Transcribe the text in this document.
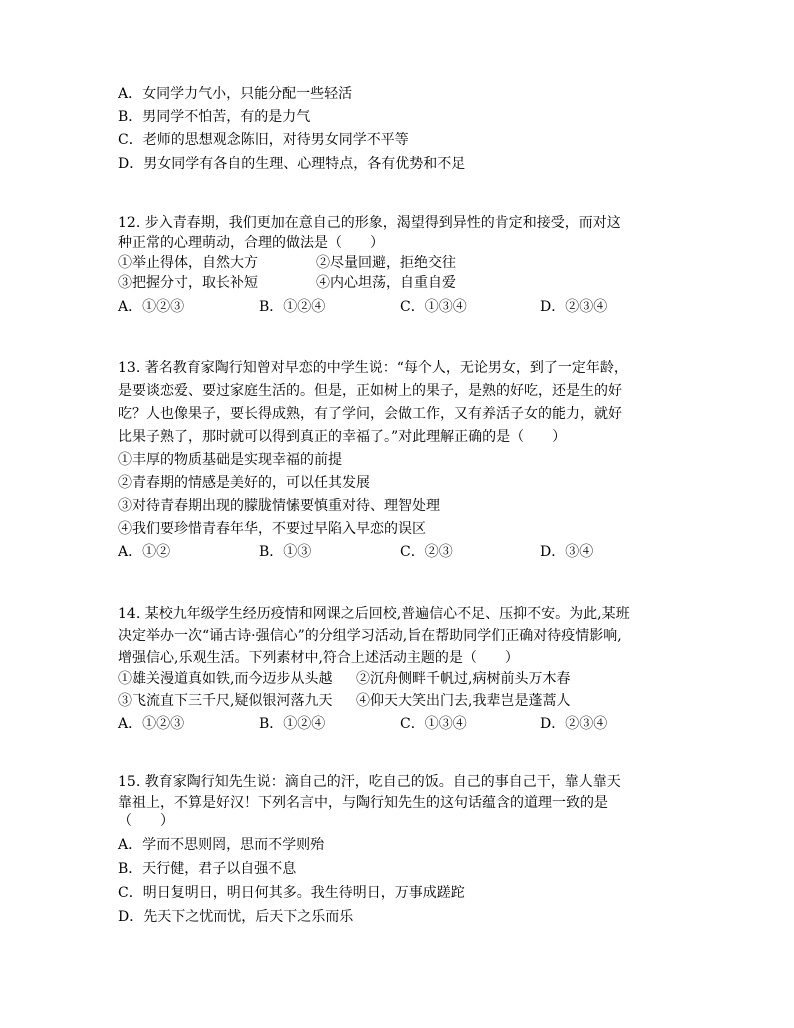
A．女同学力气小，只能分配一些轻活
B．男同学不怕苦，有的是力气
C．老师的思想观念陈旧，对待男女同学不平等
D．男女同学有各自的生理、心理特点，各有优势和不足
12. 步入青春期，我们更加在意自己的形象，渴望得到异性的肯定和接受，而对这
种正常的心理萌动，合理的做法是（　　）
①举止得体，自然大方	②尽量回避，拒绝交往
③把握分寸，取长补短	④内心坦荡，自重自爱
A．①②③	B．①②④	C．①③④	D．②③④
13. 著名教育家陶行知曾对早恋的中学生说：“每个人，无论男女，到了一定年龄，
是要谈恋爱、要过家庭生活的。但是，正如树上的果子，是熟的好吃，还是生的好
吃？人也像果子，要长得成熟，有了学问，会做工作，又有养活子女的能力，就好
比果子熟了，那时就可以得到真正的幸福了。”对此理解正确的是（　　）
①丰厚的物质基础是实现幸福的前提
②青春期的情感是美好的，可以任其发展
③对待青春期出现的朦胧情愫要慎重对待、理智处理
④我们要珍惜青春年华，不要过早陷入早恋的误区
A．①②	B．①③	C．②③	D．③④
14. 某校九年级学生经历疫情和网课之后回校,普遍信心不足、压抑不安。为此,某班
决定举办一次“诵古诗·强信心”的分组学习活动,旨在帮助同学们正确对待疫情影响,
增强信心,乐观生活。下列素材中,符合上述活动主题的是（　　）
①雄关漫道真如铁,而今迈步从头越 ②沉舟侧畔千帆过,病树前头万木春
③飞流直下三千尺,疑似银河落九天 ④仰天大笑出门去,我辈岂是蓬蒿人
A．①②③	B．①②④	C．①③④	D．②③④
15. 教育家陶行知先生说：滴自己的汗，吃自己的饭。自己的事自己干，靠人靠天
靠祖上，不算是好汉！下列名言中，与陶行知先生的这句话蕴含的道理一致的是
（　　）
A．学而不思则罔，思而不学则殆
B．天行健，君子以自强不息
C．明日复明日，明日何其多。我生待明日，万事成蹉跎
D．先天下之忧而忧，后天下之乐而乐
